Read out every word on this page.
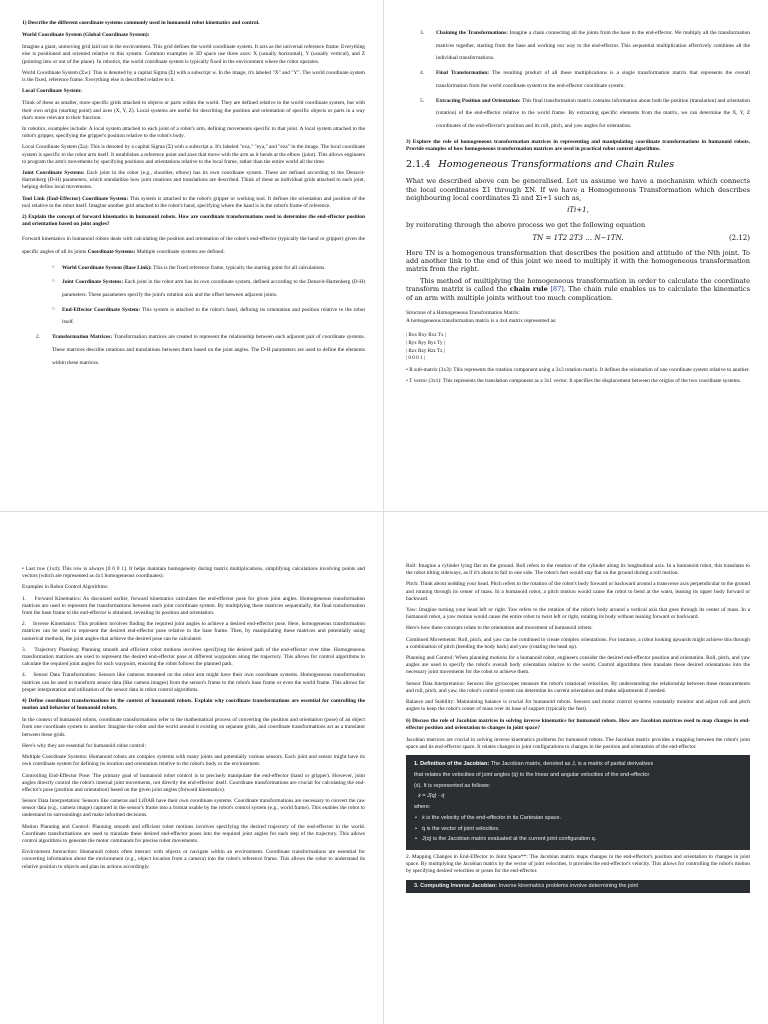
1) Describe the different coordinate systems commonly used in humanoid robot kinematics and control.

World Coordinate System (Global Coordinate System):

Imagine a giant, unmoving grid laid out in the environment. This grid defines the world coordinate system. It acts as the universal reference frame: Everything else is positioned and oriented relative to this system. Common examples in 3D space use three axes: X (usually horizontal), Y (usually vertical), and Z (pointing into or out of the plane). In robotics, the world coordinate system is typically fixed in the environment where the robot operates.

World Coordinate System (Σw): This is denoted by a capital Sigma (Σ) with a subscript w. In the image, it's labeled "X" and "Y". The world coordinate system is the fixed, reference frame. Everything else is described relative to it.

Local Coordinate System:

Think of these as smaller, more specific grids attached to objects or parts within the world. They are defined relative to the world coordinate system, but with their own origin (starting point) and axes (X, Y, Z). Local systems are useful for describing the position and orientation of specific objects or parts in a way that's more relevant to their function.

In robotics, examples include: A local system attached to each joint of a robot's arm, defining movements specific to that joint. A local system attached to the robot's gripper, specifying the gripper's position relative to the robot's body.

Local Coordinate System (Σa): This is denoted by a capital Sigma (Σ) with a subscript a. It's labeled "exa," "eya," and "eza" in the image. The local coordinate system is specific to the robot arm itself. It establishes a reference point and axes that move with the arm as it bends at the elbow (joint). This allows engineers to program the arm's movements by specifying positions and orientations relative to the local frame, rather than the entire world all the time.

Joint Coordinate Systems: Each joint in the robot (e.g., shoulder, elbow) has its own coordinate system. These are defined according to the Denavit-Hartenberg (D-H) parameters, which standardize how joint rotations and translations are described. Think of these as individual grids attached to each joint, helping define local movements.

Tool Link (End-Effector) Coordinate System: This system is attached to the robot's gripper or working tool. It defines the orientation and position of the tool relative to the robot itself. Imagine another grid attached to the robot's hand, specifying where the hand is in the robot's frame of reference.

2) Explain the concept of forward kinematics in humanoid robots. How are coordinate transformations used to determine the end-effector position and orientation based on joint angles?

Forward kinematics in humanoid robots deals with calculating the position and orientation of the robot's end-effector (typically the hand or gripper) given the specific angles of all its joints Coordinate Systems: Multiple coordinate systems are defined:

○ World Coordinate System (Base Link): This is the fixed reference frame, typically the starting point for all calculations.
○ Joint Coordinate Systems: Each joint in the robot arm has its own coordinate system, defined according to the Denavit-Hartenberg (D-H) parameters. These parameters specify the joint's rotation axis and the offset between adjacent joints.
○ End-Effector Coordinate System: This system is attached to the robot's hand, defining its orientation and position relative to the robot itself.
2. Transformation Matrices: Transformation matrices are created to represent the relationship between each adjacent pair of coordinate systems. These matrices describe rotations and translations between them based on the joint angles. The D-H parameters are used to define the elements within these matrices.
3. Chaining the Transformations: Imagine a chain connecting all the joints from the base to the end-effector. We multiply all the transformation matrices together, starting from the base and working our way to the end-effector. This sequential multiplication effectively combines all the individual transformations.
4. Final Transformation: The resulting product of all these multiplications is a single transformation matrix that represents the overall transformation from the world coordinate system to the end-effector coordinate system.
5. Extracting Position and Orientation: This final transformation matrix contains information about both the position (translation) and orientation (rotation) of the end-effector relative to the world frame. By extracting specific elements from the matrix, we can determine the X, Y, Z coordinates of the end-effector's position and its roll, pitch, and yaw angles for orientation.

3) Explore the role of homogeneous transformation matrices in representing and manipulating coordinate transformations in humanoid robots. Provide examples of how homogeneous transformation matrices are used in practical robot control algorithms.

2.1.4 Homogeneous Transformations and Chain Rules

What we described above can be generalised. Let us assume we have a mechanism which connects the local coordinates Σ1 through ΣN. If we have a Homogeneous Transformation which describes neighbouring local coordinates Σi and Σi+1 such as,

iTi+1,

by reiterating through the above process we get the following equation

TN = 1T2 2T3 … N−1TN.	(2.12)

Here TN is a homogenous transformation that describes the position and attitude of the Nth joint. To add another link to the end of this joint we need to multiply it with the homogeneous transformation matrix from the right.

This method of multiplying the homogeneous transformation in order to calculate the coordinate transform matrix is called the chain rule [87]. The chain rule enables us to calculate the kinematics of an arm with multiple joints without too much complication.

Structure of a Homogeneous Transformation Matrix:

A homogeneous transformation matrix is a 4x4 matrix represented as:

| Rxx Rxy Rxz Tx |
| Ryx Ryy Ryz Ty |
| Rzx Rzy Rzz Tz |
| 0 0 0 1 |

• R sub-matrix (3x3): This represents the rotation component using a 3x3 rotation matrix. It defines the orientation of one coordinate system relative to another.

• T vector (3x1): This represents the translation component as a 3x1 vector. It specifies the displacement between the origins of the two coordinate systems.

• Last row (1x4): This row is always [0 0 0 1]. It helps maintain homogeneity during matrix multiplications, simplifying calculations involving points and vectors (which are represented as 4x1 homogeneous coordinates).

Examples in Robot Control Algorithms:

1. Forward Kinematics: As discussed earlier, forward kinematics calculates the end-effector pose for given joint angles. Homogeneous transformation matrices are used to represent the transformations between each joint coordinate system. By multiplying these matrices sequentially, the final transformation from the base frame to the end-effector is obtained, revealing its position and orientation.

2. Inverse Kinematics: This problem involves finding the required joint angles to achieve a desired end-effector pose. Here, homogeneous transformation matrices can be used to represent the desired end-effector pose relative to the base frame. Then, by manipulating these matrices and potentially using numerical methods, the joint angles that achieve the desired pose can be calculated.

3. Trajectory Planning: Planning smooth and efficient robot motions involves specifying the desired path of the end-effector over time. Homogeneous transformation matrices are used to represent the desired end-effector pose at different waypoints along the trajectory. This allows for control algorithms to calculate the required joint angles for each waypoint, ensuring the robot follows the planned path.

4. Sensor Data Transformation: Sensors like cameras mounted on the robot arm might have their own coordinate systems. Homogeneous transformation matrices can be used to transform sensor data (like camera images) from the sensor's frame to the robot's base frame or even the world frame. This allows for proper interpretation and utilization of the sensor data in robot control algorithms.

4) Define coordinate transformations in the context of humanoid robots. Explain why coordinate transformations are essential for controlling the motion and behavior of humanoid robots.

In the context of humanoid robots, coordinate transformations refer to the mathematical process of converting the position and orientation (pose) of an object from one coordinate system to another. Imagine the robot and the world around it existing on separate grids, and coordinate transformations act as a translator between these grids.

Here's why they are essential for humanoid robot control:

Multiple Coordinate Systems: Humanoid robots are complex systems with many joints and potentially various sensors. Each joint and sensor might have its own coordinate system for defining its location and orientation relative to the robot's body or the environment.

Controlling End-Effector Pose: The primary goal of humanoid robot control is to precisely manipulate the end-effector (hand or gripper). However, joint angles directly control the robot's internal joint movements, not directly the end-effector itself. Coordinate transformations are crucial for calculating the end-effector's pose (position and orientation) based on the given joint angles (forward kinematics).

Sensor Data Interpretation: Sensors like cameras and LiDAR have their own coordinate systems. Coordinate transformations are necessary to convert the raw sensor data (e.g., camera image) captured in the sensor's frame into a format usable by the robot's control system (e.g., world frame). This enables the robot to understand its surroundings and make informed decisions.

Motion Planning and Control: Planning smooth and efficient robot motions involves specifying the desired trajectory of the end-effector in the world. Coordinate transformations are used to translate these desired end-effector poses into the required joint angles for each step of the trajectory. This allows control algorithms to generate the motor commands for precise robot movements.

Environment Interaction: Humanoid robots often interact with objects or navigate within an environment. Coordinate transformations are essential for converting information about the environment (e.g., object location from a camera) into the robot's reference frame. This allows the robot to understand its relative position to objects and plan its actions accordingly.

Roll: Imagine a cylinder lying flat on the ground. Roll refers to the rotation of the cylinder along its longitudinal axis. In a humanoid robot, this translates to the robot tilting sideways, as if it's about to fall to one side. The robot's feet would stay flat on the ground during a roll motion.

Pitch: Think about nodding your head. Pitch refers to the rotation of the robot's body forward or backward around a transverse axis perpendicular to the ground and running through its center of mass. In a humanoid robot, a pitch motion would cause the robot to bend at the waist, leaning its upper body forward or backward.

Yaw: Imagine turning your head left or right. Yaw refers to the rotation of the robot's body around a vertical axis that goes through its center of mass. In a humanoid robot, a yaw motion would cause the entire robot to twist left or right, rotating its body without leaning forward or backward.

Here's how these concepts relate to the orientation and movement of humanoid robots:

Combined Movements: Roll, pitch, and yaw can be combined to create complex orientations. For instance, a robot looking upwards might achieve this through a combination of pitch (bending the body back) and yaw (rotating the head up).

Planning and Control: When planning motions for a humanoid robot, engineers consider the desired end-effector position and orientation. Roll, pitch, and yaw angles are used to specify the robot's overall body orientation relative to the world. Control algorithms then translate these desired orientations into the necessary joint movements for the robot to achieve them.

Sensor Data Interpretation: Sensors like gyroscopes measure the robot's rotational velocities. By understanding the relationship between these measurements and roll, pitch, and yaw, the robot's control system can determine its current orientation and make adjustments if needed.

Balance and Stability: Maintaining balance is crucial for humanoid robots. Sensors and motor control systems constantly monitor and adjust roll and pitch angles to keep the robot's center of mass over its base of support (typically the feet).

6) Discuss the role of Jacobian matrices in solving inverse kinematics for humanoid robots. How are Jacobian matrices used to map changes in end-effector position and orientation to changes in joint space?

Jacobian matrices are crucial in solving inverse kinematics problems for humanoid robots. The Jacobian matrix provides a mapping between the robot's joint space and its end-effector space. It relates changes in joint configurations to changes in the position and orientation of the end-effector.

1. Definition of the Jacobian: The Jacobian matrix, denoted as J, is a matrix of partial derivatives
that relates the velocities of joint angles (q̇) to the linear and angular velocities of the end-effector
(ẋ). It is represented as follows:
ẋ = J(q) · q̇
where:
• ẋ is the velocity of the end-effector in its Cartesian space.
• q̇ is the vector of joint velocities.
• J(q) is the Jacobian matrix evaluated at the current joint configuration q.

2. Mapping Changes in End-Effector to Joint Space**: The Jacobian matrix maps changes in the end-effector's position and orientation to changes in joint space. By multiplying the Jacobian matrix by the vector of joint velocities, it provides the end-effector's velocity. This allows for controlling the robot's motion by specifying desired velocities or poses for the end-effector.

3. Computing Inverse Jacobian: Inverse kinematics problems involve determining the joint
